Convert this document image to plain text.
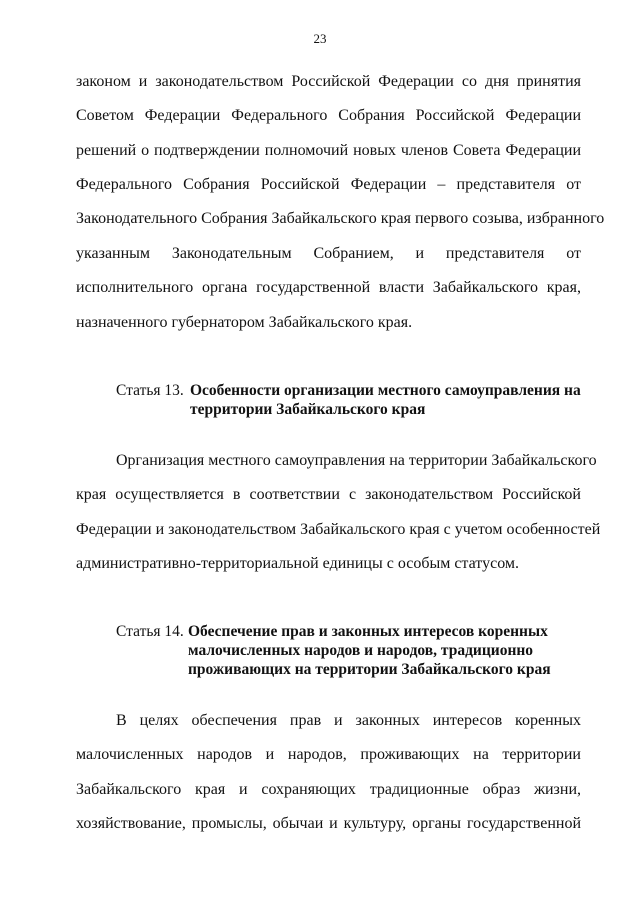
23
законом и законодательством Российской Федерации со дня принятия
Советом Федерации Федерального Собрания Российской Федерации
решений о подтверждении полномочий новых членов Совета Федерации
Федерального Собрания Российской Федерации – представителя от
Законодательного Собрания Забайкальского края первого созыва, избранного
указанным Законодательным Собранием, и представителя от
исполнительного органа государственной власти Забайкальского края,
назначенного губернатором Забайкальского края.
Статья 13. Особенности организации местного самоуправления на
территории Забайкальского края
Организация местного самоуправления на территории Забайкальского
края осуществляется в соответствии с законодательством Российской
Федерации и законодательством Забайкальского края с учетом особенностей
административно-территориальной единицы с особым статусом.
Статья 14. Обеспечение прав и законных интересов коренных
малочисленных народов и народов, традиционно
проживающих на территории Забайкальского края
В целях обеспечения прав и законных интересов коренных
малочисленных народов и народов, проживающих на территории
Забайкальского края и сохраняющих традиционные образ жизни,
хозяйствование, промыслы, обычаи и культуру, органы государственной
